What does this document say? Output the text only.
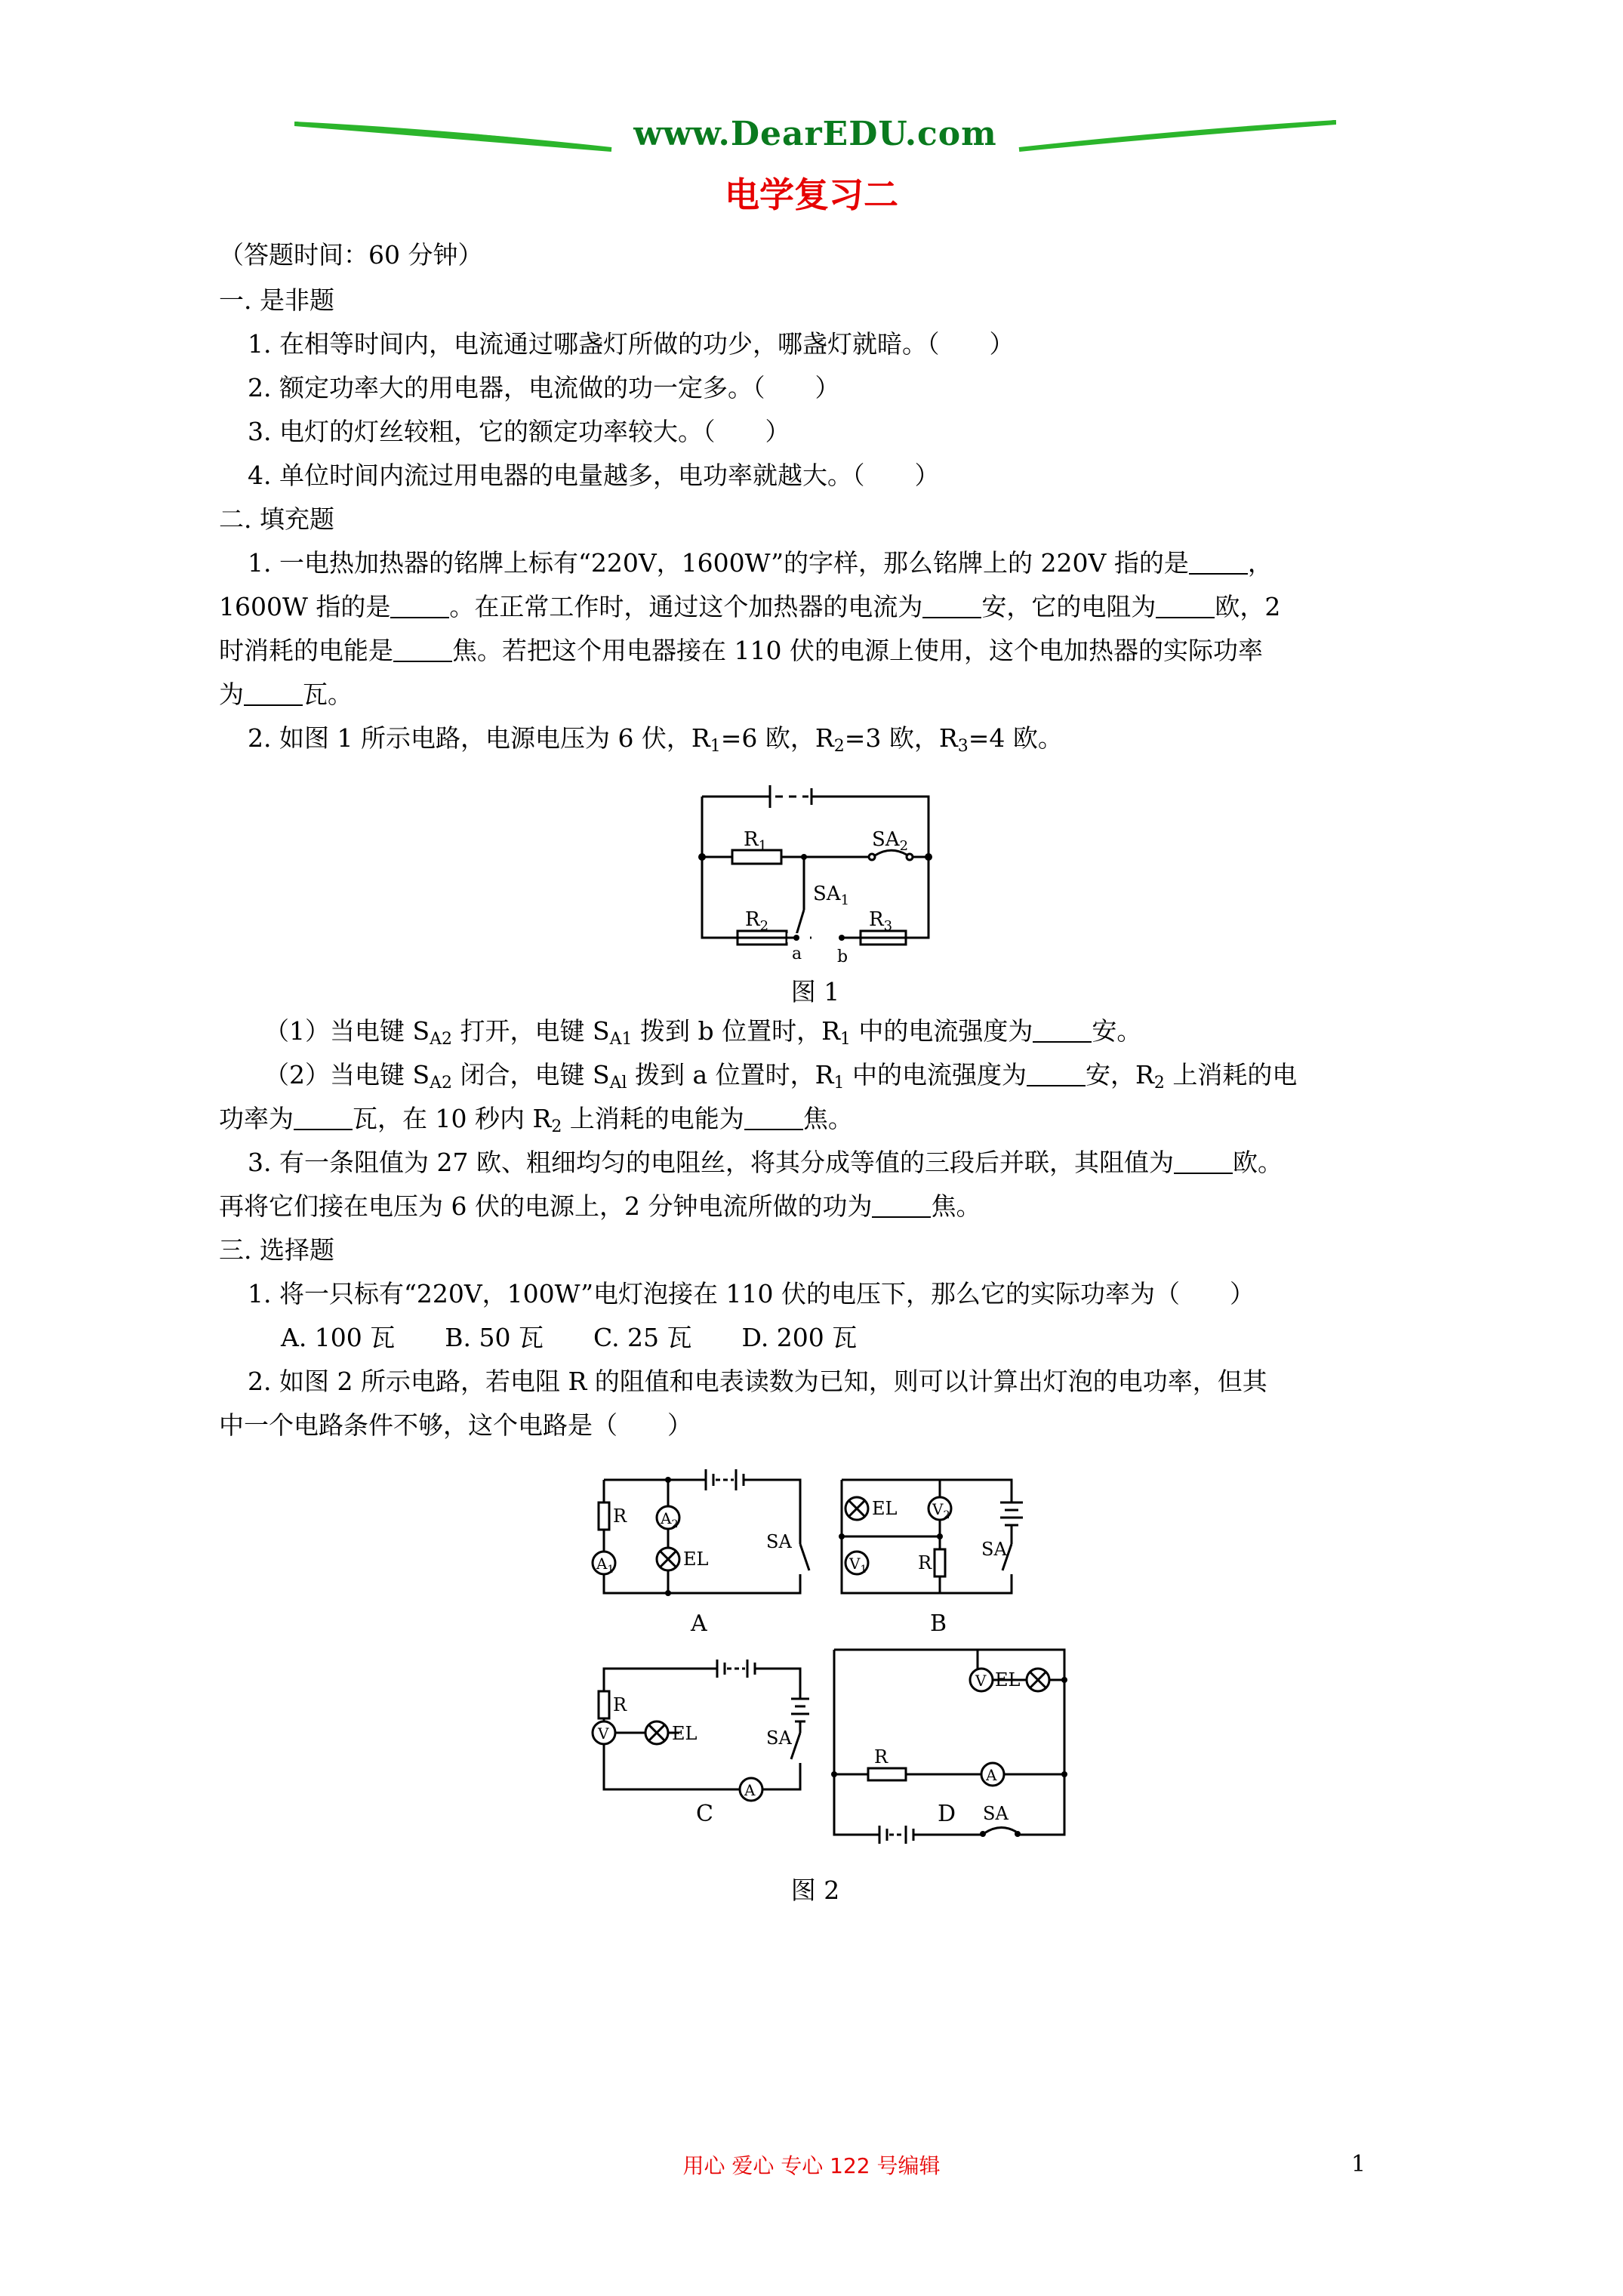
www.DearEDU.com
电学复习二
（答题时间：60 分钟）
一. 是非题
1. 在相等时间内，电流通过哪盏灯所做的功少，哪盏灯就暗。（　　）
2. 额定功率大的用电器，电流做的功一定多。（　　）
3. 电灯的灯丝较粗，它的额定功率较大。（　　）
4. 单位时间内流过用电器的电量越多，电功率就越大。（　　）
二. 填充题
1. 一电热加热器的铭牌上标有“220V，1600W”的字样，那么铭牌上的 220V 指的是 ，
1600W 指的是 。在正常工作时，通过这个加热器的电流为 安，它的电阻为 欧，2
时消耗的电能是 焦。若把这个用电器接在 110 伏的电源上使用，这个电加热器的实际功率
为 瓦。
2. 如图 1 所示电路，电源电压为 6 伏，$R_1=6$ 欧，$R_2=3$ 欧，$R_3=4$ 欧。
$R_1$	$SA_2$
$SA_1$
$R_2$	$R_3$
a b
图 1
（1）当电键 $S_{A2}$ 打开，电键 $S_{A1}$ 拨到 b 位置时，$R_1$ 中的电流强度为 安。
（2）当电键 $S_{A2}$ 闭合，电键 $S_{Al}$ 拨到 a 位置时，$R_1$ 中的电流强度为 安，$R_2$ 上消耗的电
功率为 瓦，在 10 秒内 $R_2$ 上消耗的电能为 焦。
3. 有一条阻值为 27 欧、粗细均匀的电阻丝，将其分成等值的三段后并联，其阻值为 欧。
再将它们接在电压为 6 伏的电源上，2 分钟电流所做的功为 焦。
三. 选择题
1. 将一只标有“220V，100W”电灯泡接在 110 伏的电压下，那么它的实际功率为（　　）
A. 100 瓦　　B. 50 瓦　　C. 25 瓦　　D. 200 瓦
2. 如图 2 所示电路，若电阻 R 的阻值和电表读数为已知，则可以计算出灯泡的电功率，但其
中一个电路条件不够，这个电路是（　　）
R $A_2$
$A_1$	EL
SA
A
EL $V_2$
$V_1$	R
SA
B
R
V	EL
A
SA
C
V EL
R
A
SA
D
图 2
用心 爱心 专心 122 号编辑	1
